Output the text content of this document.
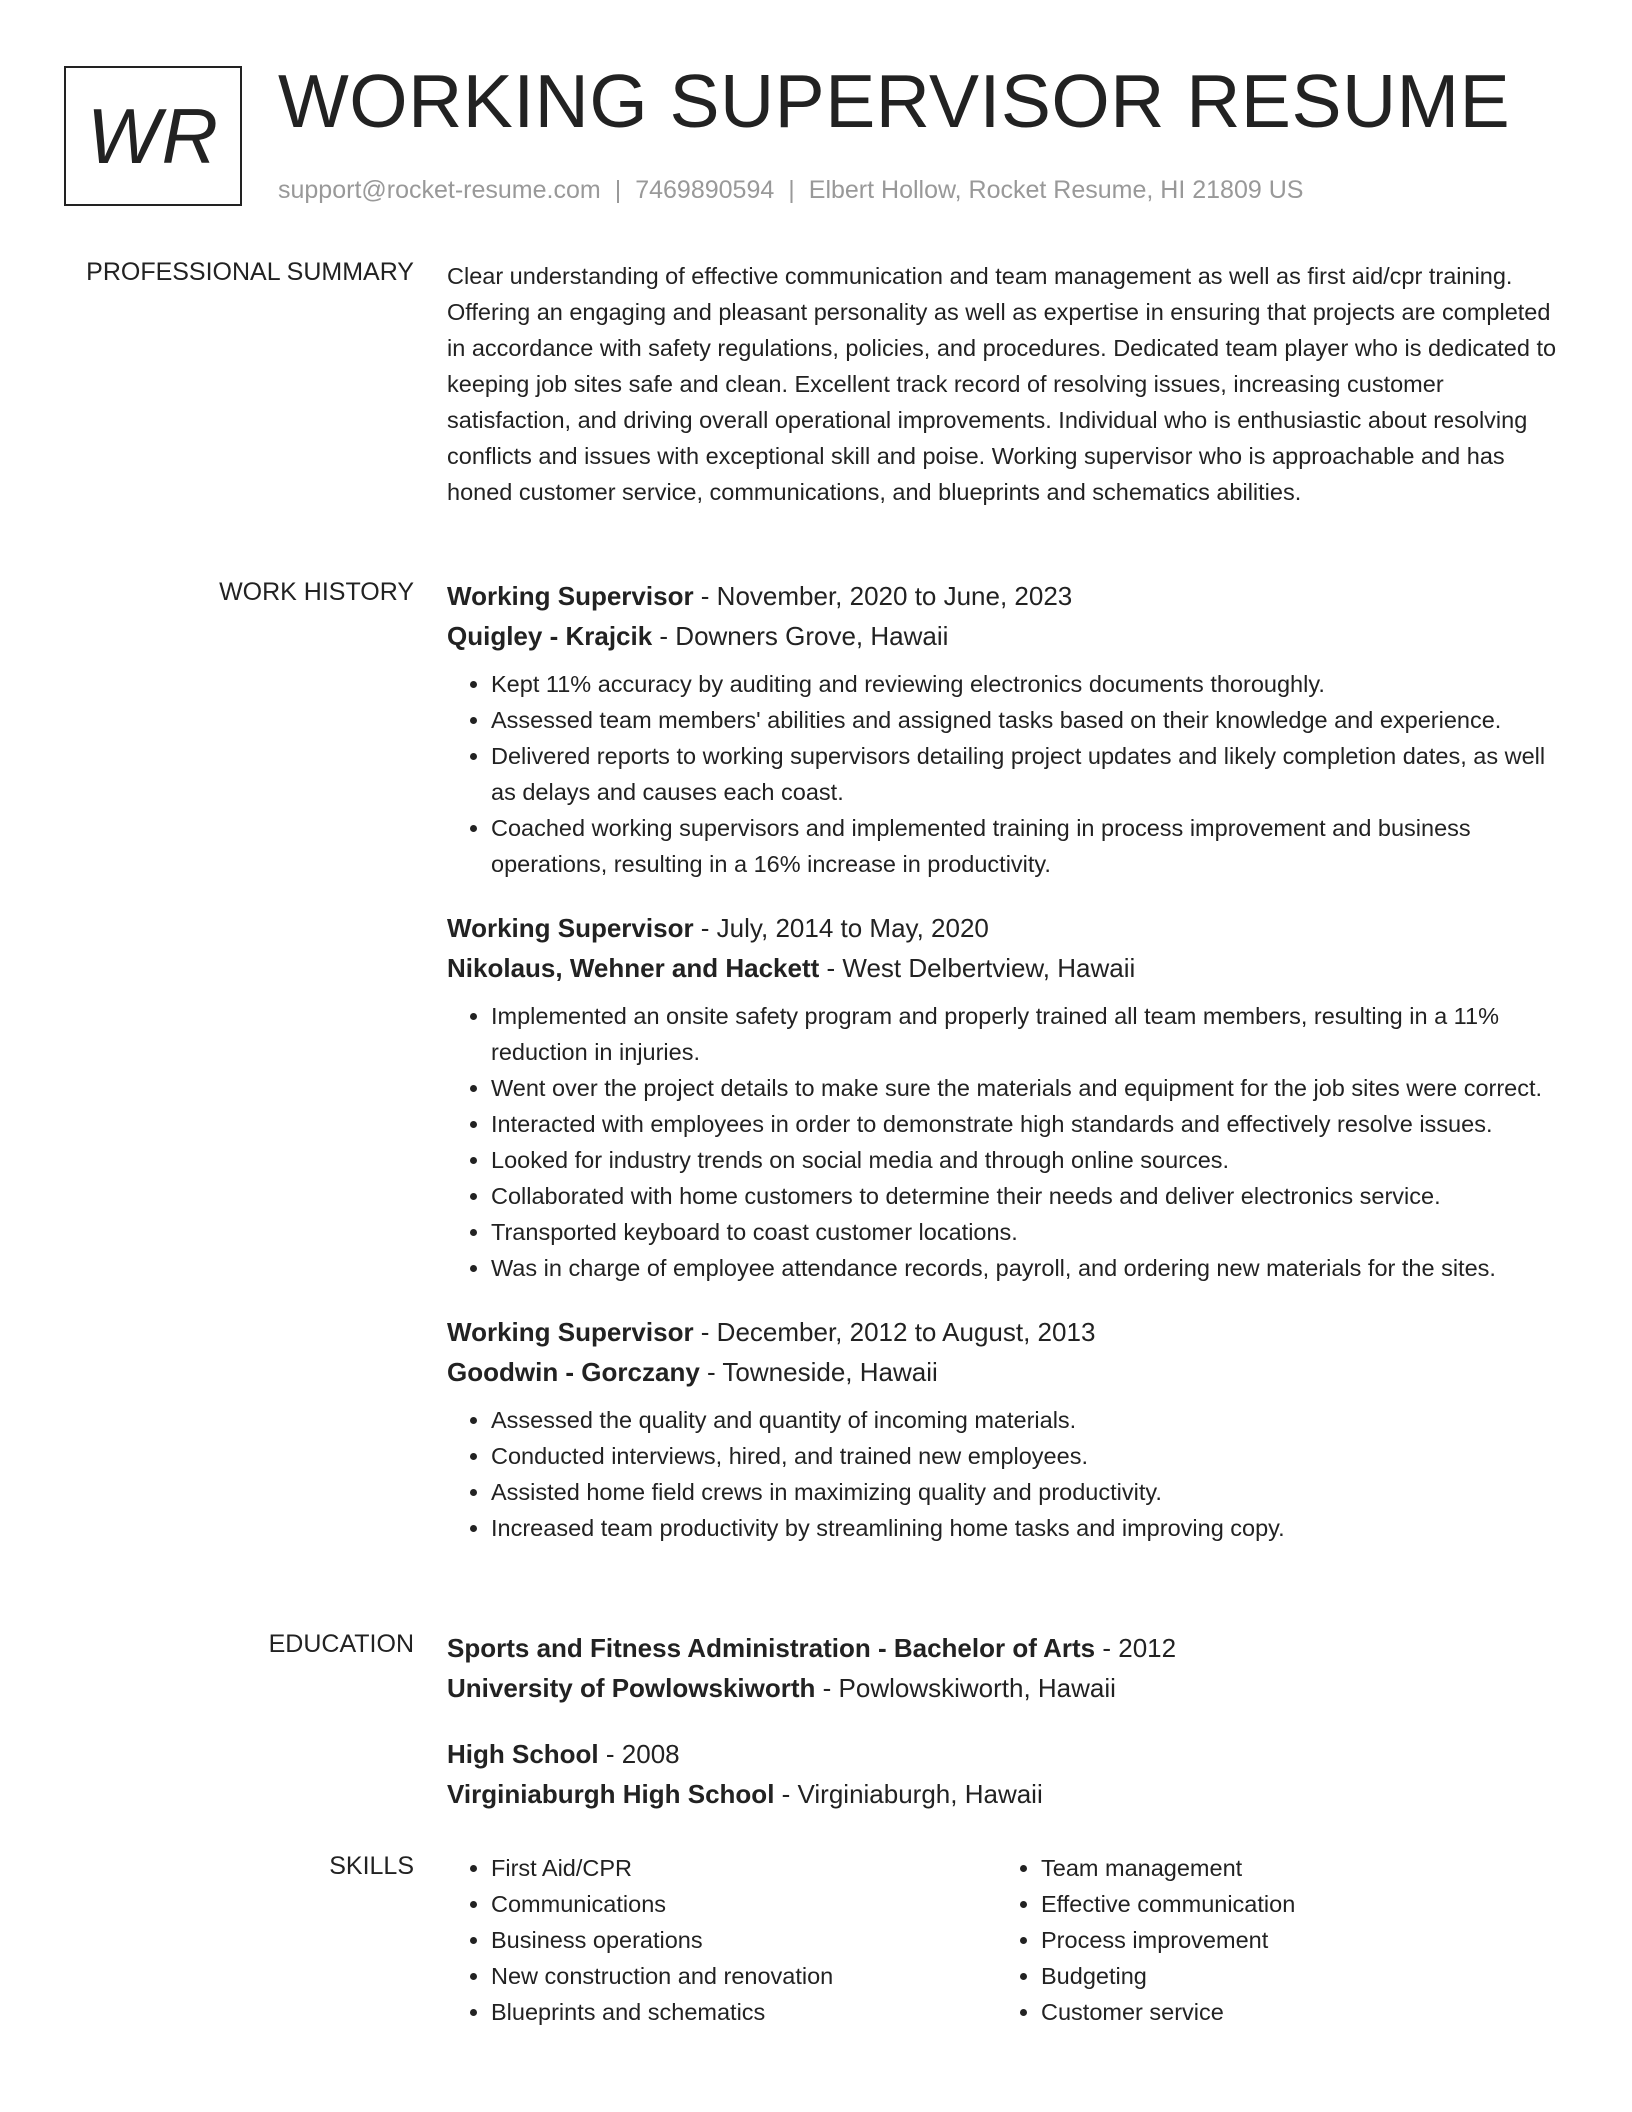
WR WORKING SUPERVISOR RESUME
support@rocket-resume.com | 7469890594 | Elbert Hollow, Rocket Resume, HI 21809 US
PROFESSIONAL SUMMARY Clear understanding of effective communication and team management as well as first aid/cpr training. Offering an engaging and pleasant personality as well as expertise in ensuring that projects are completed in accordance with safety regulations, policies, and procedures. Dedicated team player who is dedicated to keeping job sites safe and clean. Excellent track record of resolving issues, increasing customer satisfaction, and driving overall operational improvements. Individual who is enthusiastic about resolving conflicts and issues with exceptional skill and poise. Working supervisor who is approachable and has honed customer service, communications, and blueprints and schematics abilities.

WORK HISTORY Working Supervisor - November, 2020 to June, 2023
Quigley - Krajcik - Downers Grove, Hawaii
• Kept 11% accuracy by auditing and reviewing electronics documents thoroughly.
• Assessed team members' abilities and assigned tasks based on their knowledge and experience.
• Delivered reports to working supervisors detailing project updates and likely completion dates, as well as delays and causes each coast.
• Coached working supervisors and implemented training in process improvement and business operations, resulting in a 16% increase in productivity.
Working Supervisor - July, 2014 to May, 2020
Nikolaus, Wehner and Hackett - West Delbertview, Hawaii
• Implemented an onsite safety program and properly trained all team members, resulting in a 11% reduction in injuries.
• Went over the project details to make sure the materials and equipment for the job sites were correct.
• Interacted with employees in order to demonstrate high standards and effectively resolve issues.
• Looked for industry trends on social media and through online sources.
• Collaborated with home customers to determine their needs and deliver electronics service.
• Transported keyboard to coast customer locations.
• Was in charge of employee attendance records, payroll, and ordering new materials for the sites.
Working Supervisor - December, 2012 to August, 2013
Goodwin - Gorczany - Towneside, Hawaii
• Assessed the quality and quantity of incoming materials.
• Conducted interviews, hired, and trained new employees.
• Assisted home field crews in maximizing quality and productivity.
• Increased team productivity by streamlining home tasks and improving copy.
EDUCATION Sports and Fitness Administration - Bachelor of Arts - 2012
University of Powlowskiworth - Powlowskiworth, Hawaii
High School - 2008
Virginiaburgh High School - Virginiaburgh, Hawaii
SKILLS
•	First Aid/CPR
• Communications
• Business operations
• New construction and renovation
• Blueprints and schematics
• Team management
• Effective communication
• Process improvement
• Budgeting
• Customer service
